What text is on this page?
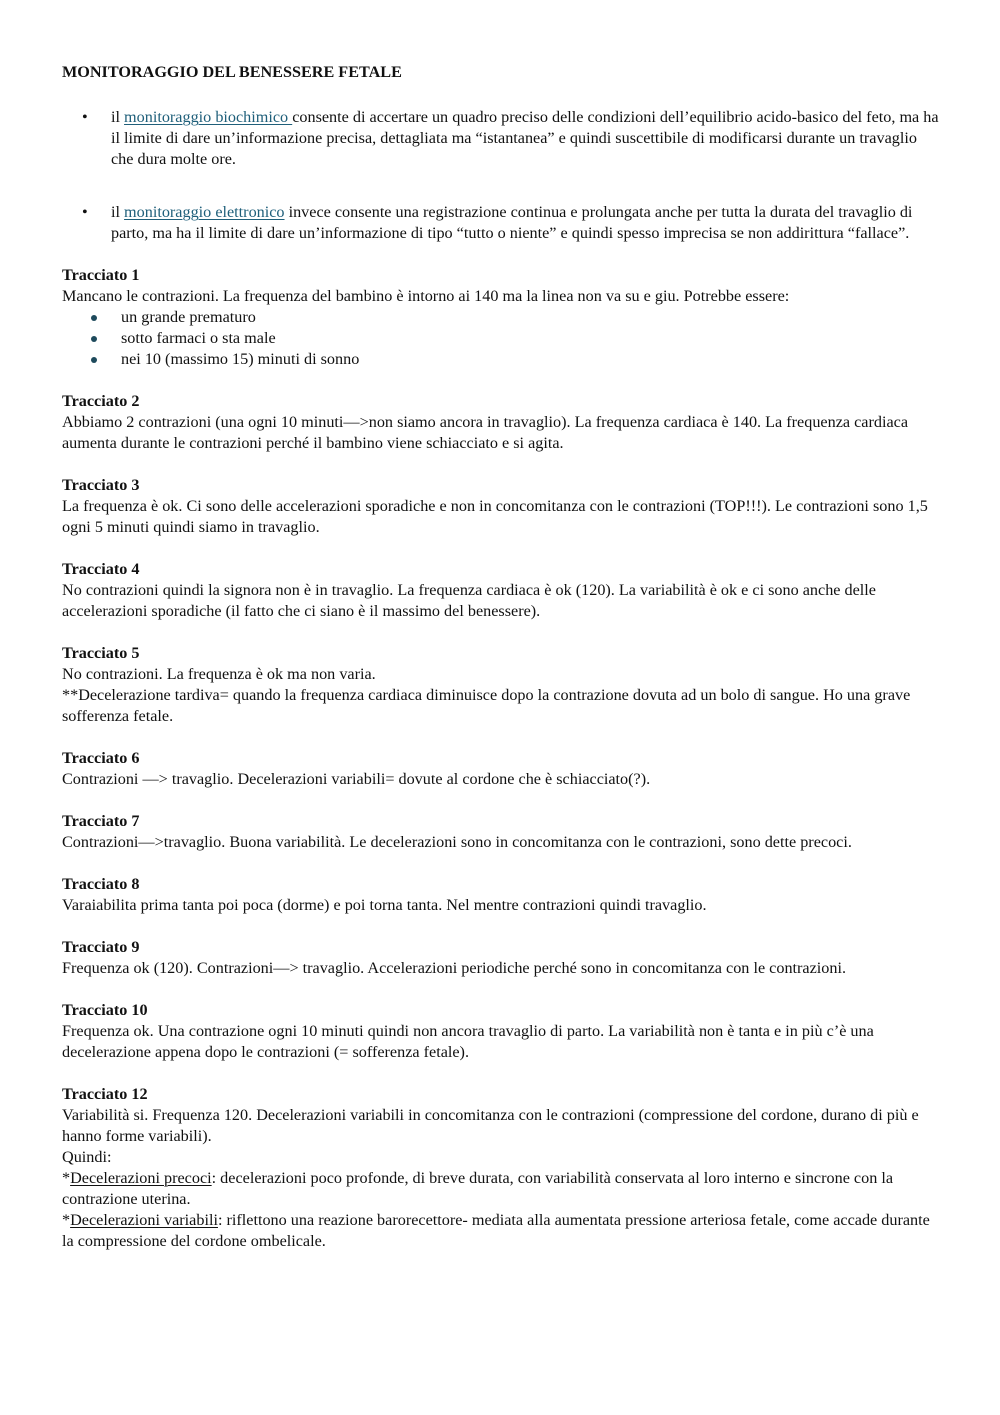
MONITORAGGIO DEL BENESSERE FETALE
• il monitoraggio biochimico consente di accertare un quadro preciso delle condizioni dell’equilibrio acido-basico del feto, ma ha il limite di dare un’informazione precisa, dettagliata ma “istantanea” e quindi suscettibile di modificarsi durante un travaglio che dura molte ore.
• il monitoraggio elettronico invece consente una registrazione continua e prolungata anche per tutta la durata del travaglio di parto, ma ha il limite di dare un’informazione di tipo “tutto o niente” e quindi spesso imprecisa se non addirittura “fallace”.
Tracciato 1

Mancano le contrazioni. La frequenza del bambino è intorno ai 140 ma la linea non va su e giu. Potrebbe essere:

un grande prematuro
sotto farmaci o sta male
nei 10 (massimo 15) minuti di sonno
Tracciato 2

Abbiamo 2 contrazioni (una ogni 10 minuti—>non siamo ancora in travaglio). La frequenza cardiaca è 140. La frequenza cardiaca aumenta durante le contrazioni perché il bambino viene schiacciato e si agita.

Tracciato 3

La frequenza è ok. Ci sono delle accelerazioni sporadiche e non in concomitanza con le contrazioni (TOP!!!). Le contrazioni sono 1,5 ogni 5 minuti quindi siamo in travaglio.

Tracciato 4

No contrazioni quindi la signora non è in travaglio. La frequenza cardiaca è ok (120). La variabilità è ok e ci sono anche delle accelerazioni sporadiche (il fatto che ci siano è il massimo del benessere).

Tracciato 5

No contrazioni. La frequenza è ok ma non varia.

**Decelerazione tardiva= quando la frequenza cardiaca diminuisce dopo la contrazione dovuta ad un bolo di sangue. Ho una grave sofferenza fetale.

Tracciato 6

Contrazioni —> travaglio. Decelerazioni variabili= dovute al cordone che è schiacciato(?).

Tracciato 7

Contrazioni—>travaglio. Buona variabilità. Le decelerazioni sono in concomitanza con le contrazioni, sono dette precoci.

Tracciato 8

Varaiabilita prima tanta poi poca (dorme) e poi torna tanta. Nel mentre contrazioni quindi travaglio.

Tracciato 9

Frequenza ok (120). Contrazioni—> travaglio. Accelerazioni periodiche perché sono in concomitanza con le contrazioni.

Tracciato 10

Frequenza ok. Una contrazione ogni 10 minuti quindi non ancora travaglio di parto. La variabilità non è tanta e in più c’è una decelerazione appena dopo le contrazioni (= sofferenza fetale).

Tracciato 12

Variabilità si. Frequenza 120. Decelerazioni variabili in concomitanza con le contrazioni (compressione del cordone, durano di più e hanno forme variabili).

Quindi:

*Decelerazioni precoci: decelerazioni poco profonde, di breve durata, con variabilità conservata al loro interno e sincrone con la contrazione uterina.

*Decelerazioni variabili: riflettono una reazione barorecettore- mediata alla aumentata pressione arteriosa fetale, come accade durante la compressione del cordone ombelicale.
